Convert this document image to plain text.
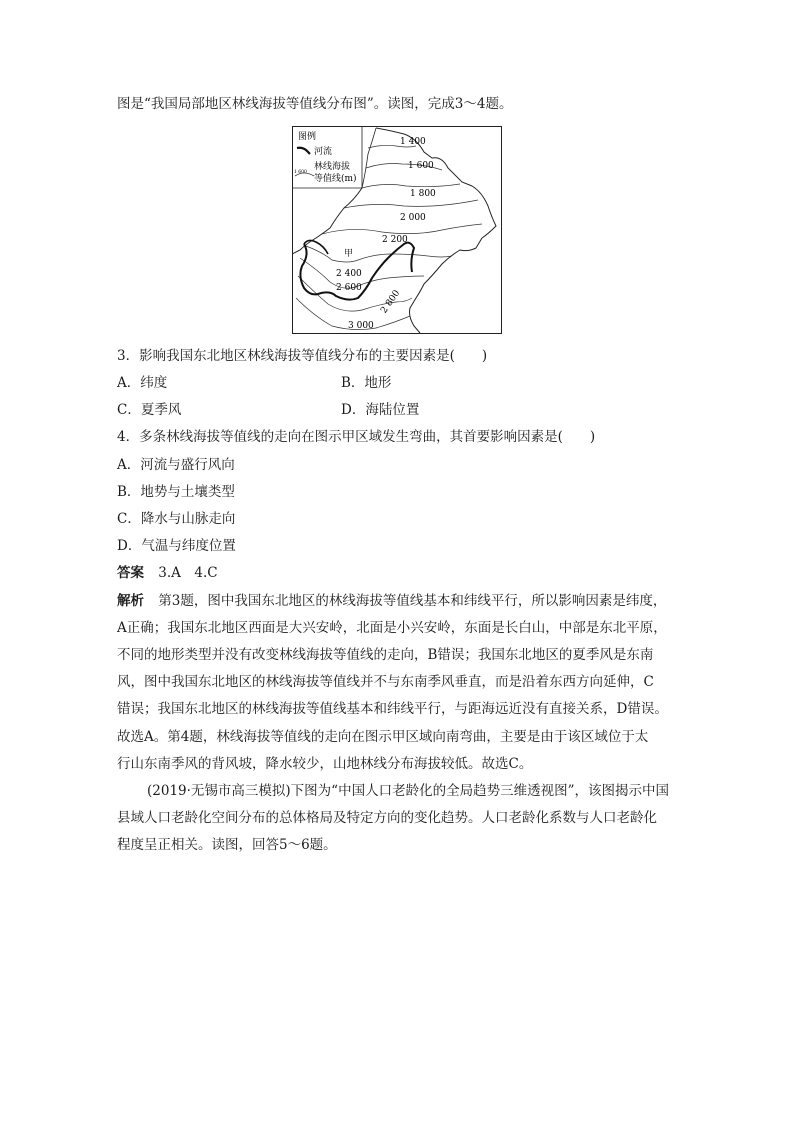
图是“我国局部地区林线海拔等值线分布图”。读图，完成3～4题。
图例
河流
1 600
林线海拔
等值线(m)
1 400
1 600
1 800
2 000
2 200
甲
2 400
2 600
2 800
3 000
3．影响我国东北地区林线海拔等值线分布的主要因素是(　　)
A．纬度	B．地形
C．夏季风	D．海陆位置
4．多条林线海拔等值线的走向在图示甲区域发生弯曲，其首要影响因素是(　　)
A．河流与盛行风向
B．地势与土壤类型
C．降水与山脉走向
D．气温与纬度位置
答案 3.A　4.C
解析 第3题，图中我国东北地区的林线海拔等值线基本和纬线平行，所以影响因素是纬度，
A正确；我国东北地区西面是大兴安岭，北面是小兴安岭，东面是长白山，中部是东北平原，
不同的地形类型并没有改变林线海拔等值线的走向，B错误；我国东北地区的夏季风是东南
风，图中我国东北地区的林线海拔等值线并不与东南季风垂直，而是沿着东西方向延伸，C
错误；我国东北地区的林线海拔等值线基本和纬线平行，与距海远近没有直接关系，D错误。
故选A。第4题，林线海拔等值线的走向在图示甲区域向南弯曲，主要是由于该区域位于太
行山东南季风的背风坡，降水较少，山地林线分布海拔较低。故选C。
(2019·无锡市高三模拟)下图为“中国人口老龄化的全局趋势三维透视图”，该图揭示中国
县域人口老龄化空间分布的总体格局及特定方向的变化趋势。人口老龄化系数与人口老龄化
程度呈正相关。读图，回答5～6题。
